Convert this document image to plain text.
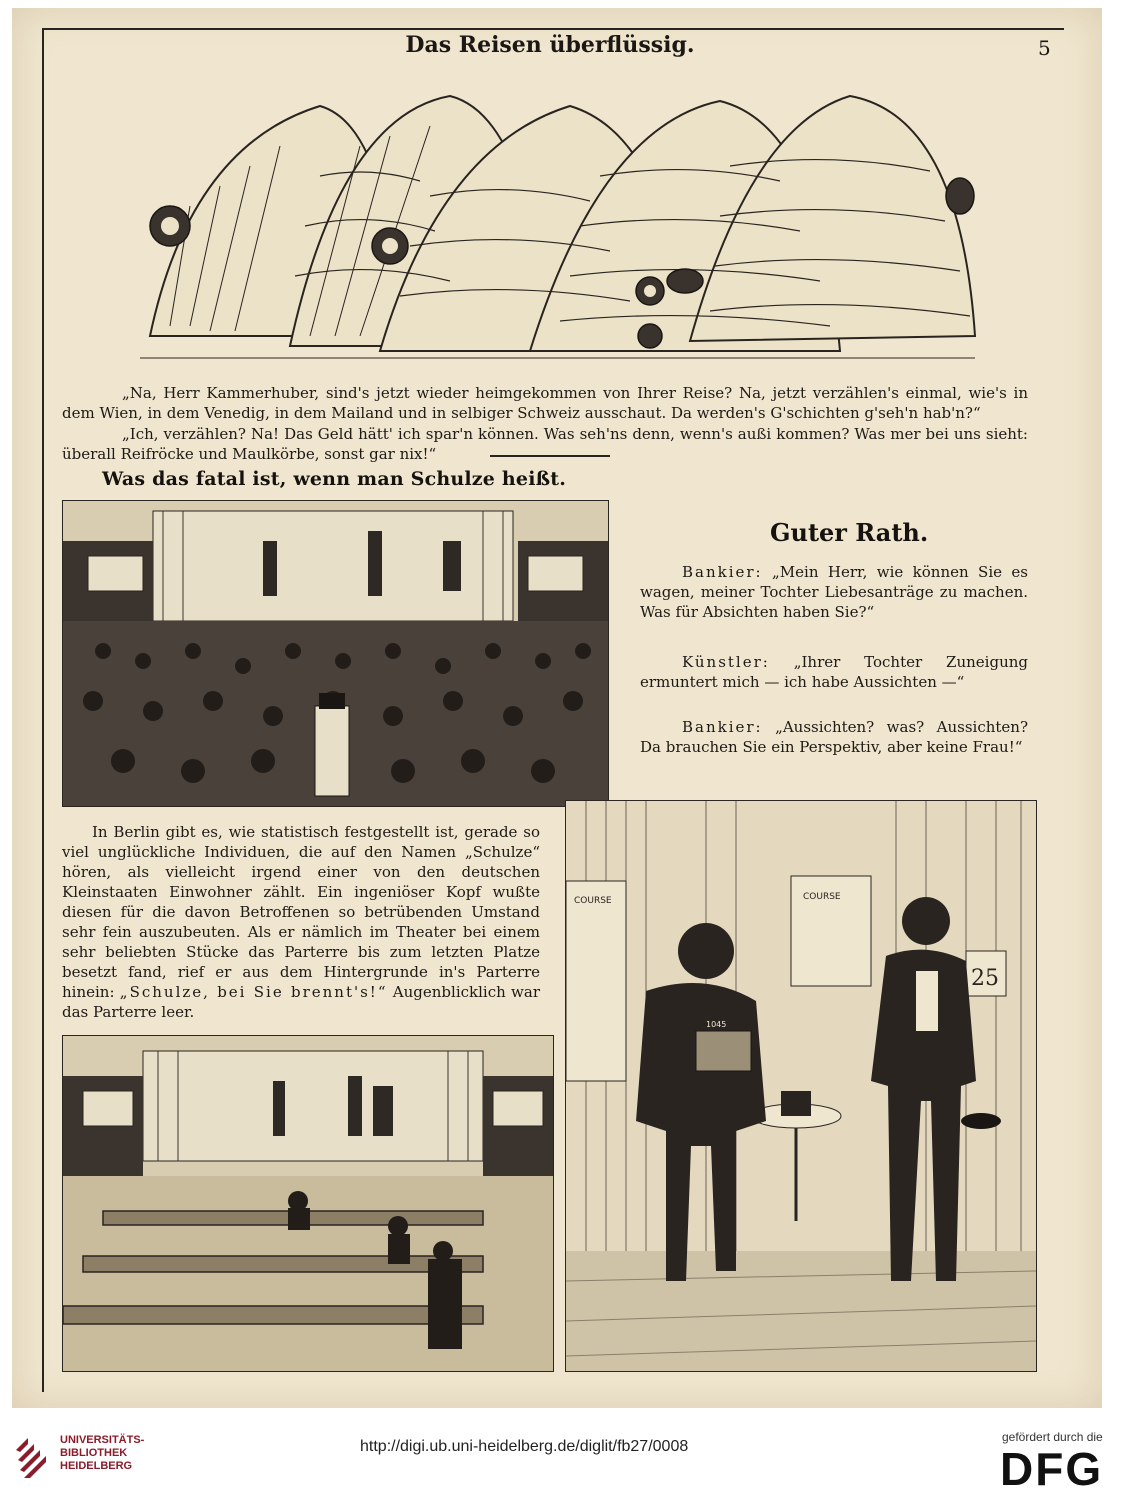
Das Reisen überflüssig.	5

„Na, Herr Kammerhuber, sind's jetzt wieder heimgekommen von Ihrer Reise? Na, jetzt verzählen's einmal, wie's in dem Wien, in dem Venedig, in dem Mailand und in selbiger Schweiz ausschaut. Da werden's G'schichten g'seh'n hab'n?“

„Ich, verzählen? Na! Das Geld hätt' ich spar'n können. Was seh'ns denn, wenn's außi kommen? Was mer bei uns sieht: überall Reifröcke und Maulkörbe, sonst gar nix!“

Was das fatal ist, wenn man Schulze heißt.
Guter Rath.

Bankier: „Mein Herr, wie können Sie es wagen, meiner Tochter Liebesanträge zu machen. Was für Absichten haben Sie?“

Künstler: „Ihrer Tochter Zuneigung ermuntert mich — ich habe Aussichten —“

Bankier: „Aussichten? was? Aussichten? Da brauchen Sie ein Perspektiv, aber keine Frau!“

In Berlin gibt es, wie statistisch festgestellt ist, gerade so viel unglückliche Individuen, die auf den Namen „Schulze“ hören, als vielleicht irgend einer von den deutschen Kleinstaaten Einwohner zählt. Ein ingeniöser Kopf wußte diesen für die davon Betroffenen so betrübenden Umstand sehr fein auszubeuten. Als er nämlich im Theater bei einem sehr beliebten Stücke das Parterre bis zum letzten Platze besetzt fand, rief er aus dem Hintergrunde in's Parterre hinein: „Schulze, bei Sie brennt's!“ Augenblicklich war das Parterre leer.

COURSE	COURSE
25
1045
UNIVERSITÄTS-
BIBLIOTHEK
HEIDELBERG
http://digi.ub.uni-heidelberg.de/diglit/fb27/0008
gefördert durch die
DFG
